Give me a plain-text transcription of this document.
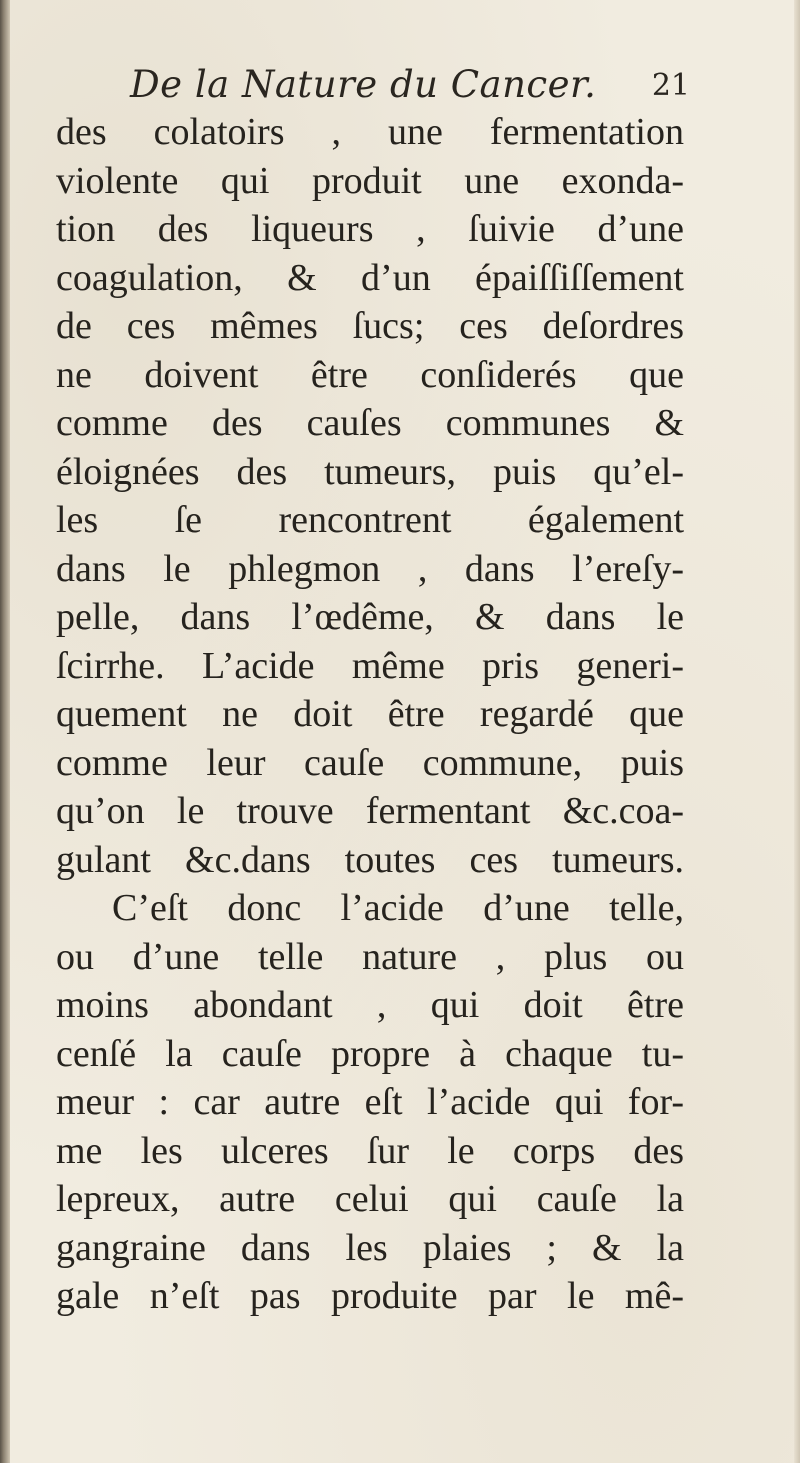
De la Nature du Cancer. 21
des colatoirs , une fermentation
violente qui produit une exonda-
tion des liqueurs , ſuivie d’une
coagulation, & d’un épaiſſiſſement
de ces mêmes ſucs; ces deſordres
ne doivent être conſiderés que
comme des cauſes communes &
éloignées des tumeurs, puis qu’el-
les ſe rencontrent également
dans le phlegmon , dans l’ereſy-
pelle, dans l’œdême, & dans le
ſcirrhe. L’acide même pris generi-
quement ne doit être regardé que
comme leur cauſe commune, puis
qu’on le trouve fermentant &c.coa-
gulant &c.dans toutes ces tumeurs.
C’eſt donc l’acide d’une telle,
ou d’une telle nature , plus ou
moins abondant , qui doit être
cenſé la cauſe propre à chaque tu-
meur : car autre eſt l’acide qui for-
me les ulceres ſur le corps des
lepreux, autre celui qui cauſe la
gangraine dans les plaies ; & la
gale n’eſt pas produite par le mê-
